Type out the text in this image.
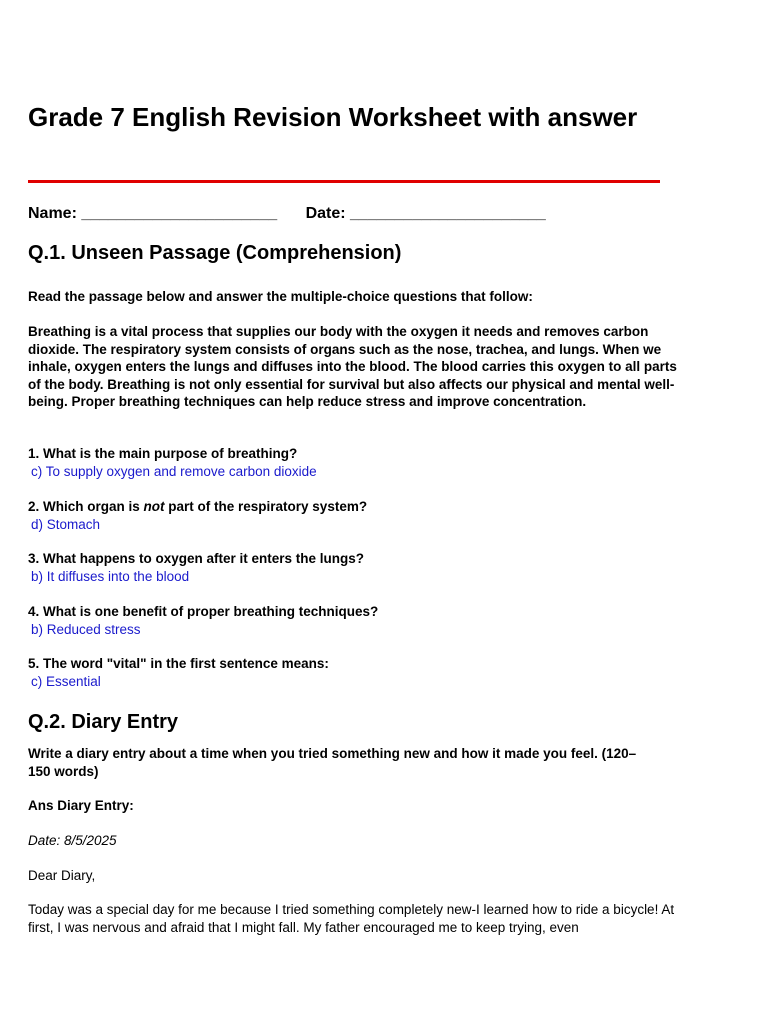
Grade 7 English Revision Worksheet with answer
Name: ______________________ Date: ______________________
Q.1. Unseen Passage (Comprehension)

Read the passage below and answer the multiple-choice questions that follow:

Breathing is a vital process that supplies our body with the oxygen it needs and removes carbon dioxide. The respiratory system consists of organs such as the nose, trachea, and lungs. When we inhale, oxygen enters the lungs and diffuses into the blood. The blood carries this oxygen to all parts of the body. Breathing is not only essential for survival but also affects our physical and mental well-being. Proper breathing techniques can help reduce stress and improve concentration.

1. What is the main purpose of breathing?
c) To supply oxygen and remove carbon dioxide
2. Which organ is not part of the respiratory system?
d) Stomach
3. What happens to oxygen after it enters the lungs?
b) It diffuses into the blood
4. What is one benefit of proper breathing techniques?
b) Reduced stress
5. The word "vital" in the first sentence means:
c) Essential
Q.2. Diary Entry

Write a diary entry about a time when you tried something new and how it made you feel. (120–150 words)

Ans Diary Entry:

Date: 8/5/2025

Dear Diary,

Today was a special day for me because I tried something completely new-I learned how to ride a bicycle! At first, I was nervous and afraid that I might fall. My father encouraged me to keep trying, even
